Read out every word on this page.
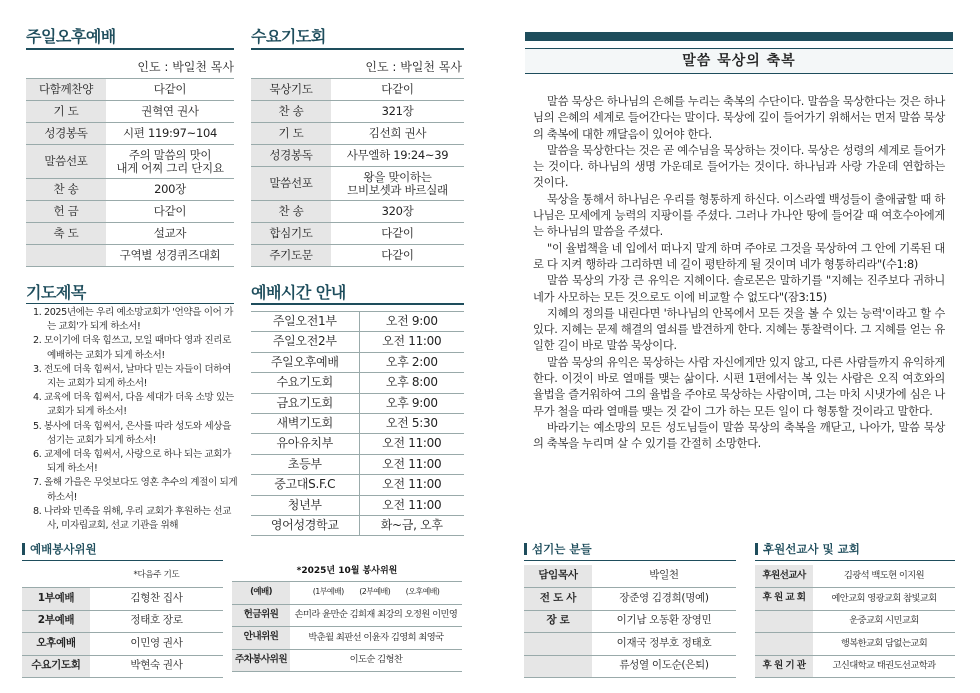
주일오후예배
인도 : 박일천 목사
다함께찬양	다같이
기 도	권혁연 권사
성경봉독	시편 119:97~104
말씀선포	주의 말씀의 맛이
내게 어찌 그리 단지요
찬 송	200장
헌 금	다같이
축 도	설교자
	구역별 성경퀴즈대회
수요기도회
인도 : 박일천 목사
묵상기도	다같이
찬 송	321장
기 도	김선희 권사
성경봉독	사무엘하 19:24~39
말씀선포	왕을 맞이하는
므비보셋과 바르실래
찬 송	320장
합심기도	다같이
주기도문	다같이
기도제목
1. 2025년에는 우리 예소망교회가 '언약을 이어 가는 교회'가 되게 하소서!
2. 모이기에 더욱 힘쓰고, 모일 때마다 영과 진리로 예배하는 교회가 되게 하소서!
3. 전도에 더욱 힘써서, 날마다 믿는 자들이 더하여지는 교회가 되게 하소서!
4. 교육에 더욱 힘써서, 다음 세대가 더욱 소망 있는 교회가 되게 하소서!
5. 봉사에 더욱 힘써서, 은사를 따라 성도와 세상을 섬기는 교회가 되게 하소서!
6. 교제에 더욱 힘써서, 사랑으로 하나 되는 교회가 되게 하소서!
7. 올해 가을은 무엇보다도 영혼 추수의 계절이 되게 하소서!
8. 나라와 민족을 위해, 우리 교회가 후원하는 선교사, 미자립교회, 선교 기관을 위해
예배시간 안내
주일오전1부	오전 9:00
주일오전2부	오전 11:00
주일오후예배	오후 2:00
수요기도회	오후 8:00
금요기도회	오후 9:00
새벽기도회	오전 5:30
유아유치부	오전 11:00
초등부	오전 11:00
중고대S.F.C	오전 11:00
청년부	오전 11:00
영어성경학교	화~금, 오후
말씀 묵상의 축복

말씀 묵상은 하나님의 은혜를 누리는 축복의 수단이다. 말씀을 묵상한다는 것은 하나님의 은혜의 세계로 들어간다는 말이다. 묵상에 깊이 들어가기 위해서는 먼저 말씀 묵상의 축복에 대한 깨달음이 있어야 한다.

말씀을 묵상한다는 것은 곧 예수님을 묵상하는 것이다. 묵상은 성령의 세계로 들어가는 것이다. 하나님의 생명 가운데로 들어가는 것이다. 하나님과 사랑 가운데 연합하는 것이다.

묵상을 통해서 하나님은 우리를 형통하게 하신다. 이스라엘 백성들이 출애굽할 때 하나님은 모세에게 능력의 지팡이를 주셨다. 그러나 가나안 땅에 들어갈 때 여호수아에게는 하나님의 말씀을 주셨다.

"이 율법책을 네 입에서 떠나지 말게 하며 주야로 그것을 묵상하여 그 안에 기록된 대로 다 지켜 행하라 그리하면 네 길이 평탄하게 될 것이며 네가 형통하리라"(수1:8)

말씀 묵상의 가장 큰 유익은 지혜이다. 솔로몬은 말하기를 "지혜는 진주보다 귀하니 네가 사모하는 모든 것으로도 이에 비교할 수 없도다"(잠3:15)

지혜의 정의를 내린다면 '하나님의 안목에서 모든 것을 볼 수 있는 능력'이라고 할 수 있다. 지혜는 문제 해결의 열쇠를 발견하게 한다. 지혜는 통찰력이다. 그 지혜를 얻는 유일한 길이 바로 말씀 묵상이다.

말씀 묵상의 유익은 묵상하는 사람 자신에게만 있지 않고, 다른 사람들까지 유익하게 한다. 이것이 바로 열매를 맺는 삶이다. 시편 1편에서는 복 있는 사람은 오직 여호와의 율법을 즐거워하여 그의 율법을 주야로 묵상하는 사람이며, 그는 마치 시냇가에 심은 나무가 철을 따라 열매를 맺는 것 같이 그가 하는 모든 일이 다 형통할 것이라고 말한다.

바라기는 예소망의 모든 성도님들이 말씀 묵상의 축복을 깨닫고, 나아가, 말씀 묵상의 축복을 누리며 살 수 있기를 간절히 소망한다.

예배봉사위원
	*다음주 기도
1부예배	김형찬 집사
2부예배	정태호 장로
오후예배	이민영 권사
수요기도회	박현숙 권사
*2025년 10월 봉사위원
(예배)	(1부예배)        (2부예배)        (오후예배)
헌금위원	손미라 윤만순 김희재 최강의 오정원 이민영
안내위원	박춘월 최판선 이윤자 김영희 최영국
주차봉사위원	이도순 김형찬
섬기는 분들
담임목사	박일천
전 도 사	장준영 김경희(명예)
장 로	이기남 오동환 장영민
	이재국 정부호 정태호
	류성열 이도순(은퇴)
후원선교사 및 교회
후원선교사	김광석 백도현 이지원
후 원 교 회	예안교회 영광교회 참빛교회
	운중교회 시민교회
	행복한교회 담없는교회
후 원 기 관	고신대학교 태권도선교학과
